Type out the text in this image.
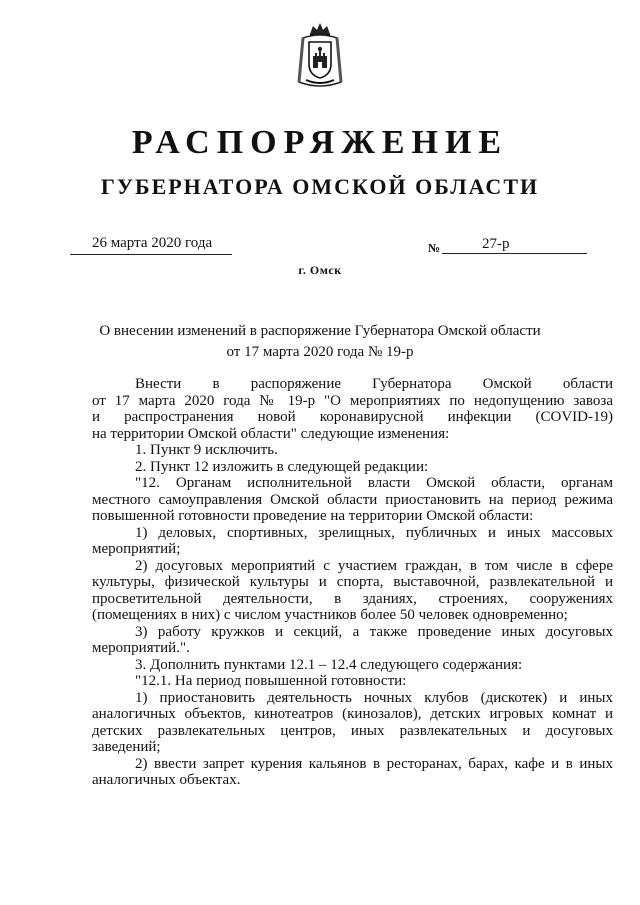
РАСПОРЯЖЕНИЕ
ГУБЕРНАТОРА ОМСКОЙ ОБЛАСТИ
26 марта 2020 года	№	27-р
г. Омск
О внесении изменений в распоряжение Губернатора Омской области
от 17 марта 2020 года № 19-р
Внести в распоряжение Губернатора Омской области
от 17 марта 2020 года № 19-р "О мероприятиях по недопущению завоза
и распространения новой коронавирусной инфекции (COVID-19)
на территории Омской области" следующие изменения:
1. Пункт 9 исключить.
2. Пункт 12 изложить в следующей редакции:
"12. Органам исполнительной власти Омской области, органам
местного самоуправления Омской области приостановить на период режима
повышенной готовности проведение на территории Омской области:
1) деловых, спортивных, зрелищных, публичных и иных массовых
мероприятий;
2) досуговых мероприятий с участием граждан, в том числе в сфере
культуры, физической культуры и спорта, выставочной, развлекательной и
просветительной деятельности, в зданиях, строениях, сооружениях
(помещениях в них) с числом участников более 50 человек одновременно;
3) работу кружков и секций, а также проведение иных досуговых
мероприятий.".
3. Дополнить пунктами 12.1 – 12.4 следующего содержания:
"12.1. На период повышенной готовности:
1) приостановить деятельность ночных клубов (дискотек) и иных
аналогичных объектов, кинотеатров (кинозалов), детских игровых комнат и
детских развлекательных центров, иных развлекательных и досуговых
заведений;
2) ввести запрет курения кальянов в ресторанах, барах, кафе и в иных
аналогичных объектах.
